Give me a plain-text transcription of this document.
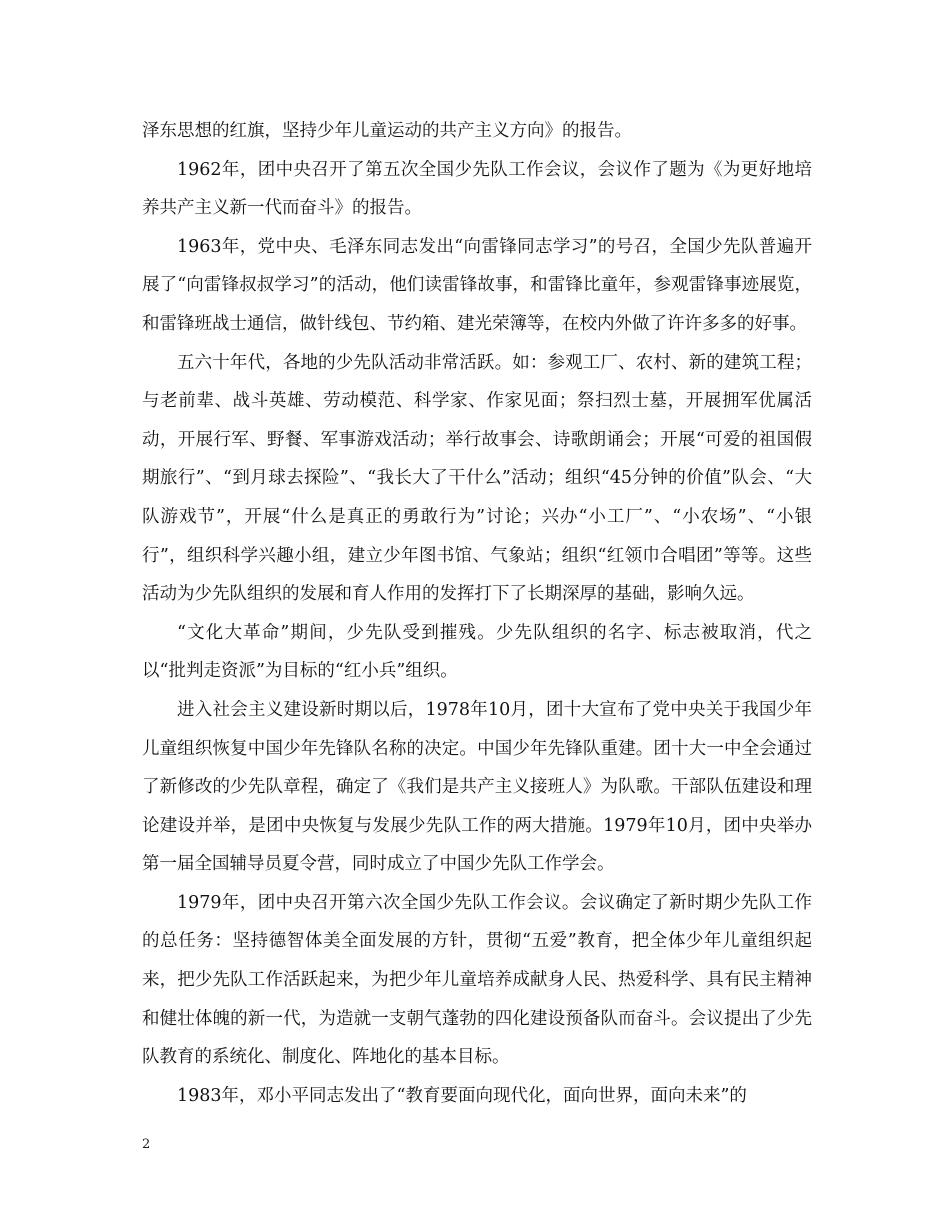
泽东思想的红旗，坚持少年儿童运动的共产主义方向》的报告。

1962年，团中央召开了第五次全国少先队工作会议，会议作了题为《为更好地培养共产主义新一代而奋斗》的报告。

1963年，党中央、毛泽东同志发出“向雷锋同志学习”的号召，全国少先队普遍开展了“向雷锋叔叔学习”的活动，他们读雷锋故事，和雷锋比童年，参观雷锋事迹展览，和雷锋班战士通信，做针线包、节约箱、建光荣簿等，在校内外做了许许多多的好事。

五六十年代，各地的少先队活动非常活跃。如：参观工厂、农村、新的建筑工程；与老前辈、战斗英雄、劳动模范、科学家、作家见面；祭扫烈士墓，开展拥军优属活动，开展行军、野餐、军事游戏活动；举行故事会、诗歌朗诵会；开展“可爱的祖国假期旅行”、“到月球去探险”、“我长大了干什么”活动；组织“45分钟的价值”队会、“大队游戏节”，开展“什么是真正的勇敢行为”讨论；兴办“小工厂”、“小农场”、“小银行”，组织科学兴趣小组，建立少年图书馆、气象站；组织“红领巾合唱团”等等。这些活动为少先队组织的发展和育人作用的发挥打下了长期深厚的基础，影响久远。

“文化大革命”期间，少先队受到摧残。少先队组织的名字、标志被取消，代之以“批判走资派”为目标的“红小兵”组织。

进入社会主义建设新时期以后，1978年10月，团十大宣布了党中央关于我国少年儿童组织恢复中国少年先锋队名称的决定。中国少年先锋队重建。团十大一中全会通过了新修改的少先队章程，确定了《我们是共产主义接班人》为队歌。干部队伍建设和理论建设并举，是团中央恢复与发展少先队工作的两大措施。1979年10月，团中央举办第一届全国辅导员夏令营，同时成立了中国少先队工作学会。

1979年，团中央召开第六次全国少先队工作会议。会议确定了新时期少先队工作的总任务：坚持德智体美全面发展的方针，贯彻“五爱”教育，把全体少年儿童组织起来，把少先队工作活跃起来，为把少年儿童培养成献身人民、热爱科学、具有民主精神和健壮体魄的新一代，为造就一支朝气蓬勃的四化建设预备队而奋斗。会议提出了少先队教育的系统化、制度化、阵地化的基本目标。

1983年，邓小平同志发出了“教育要面向现代化，面向世界，面向未来”的

2
